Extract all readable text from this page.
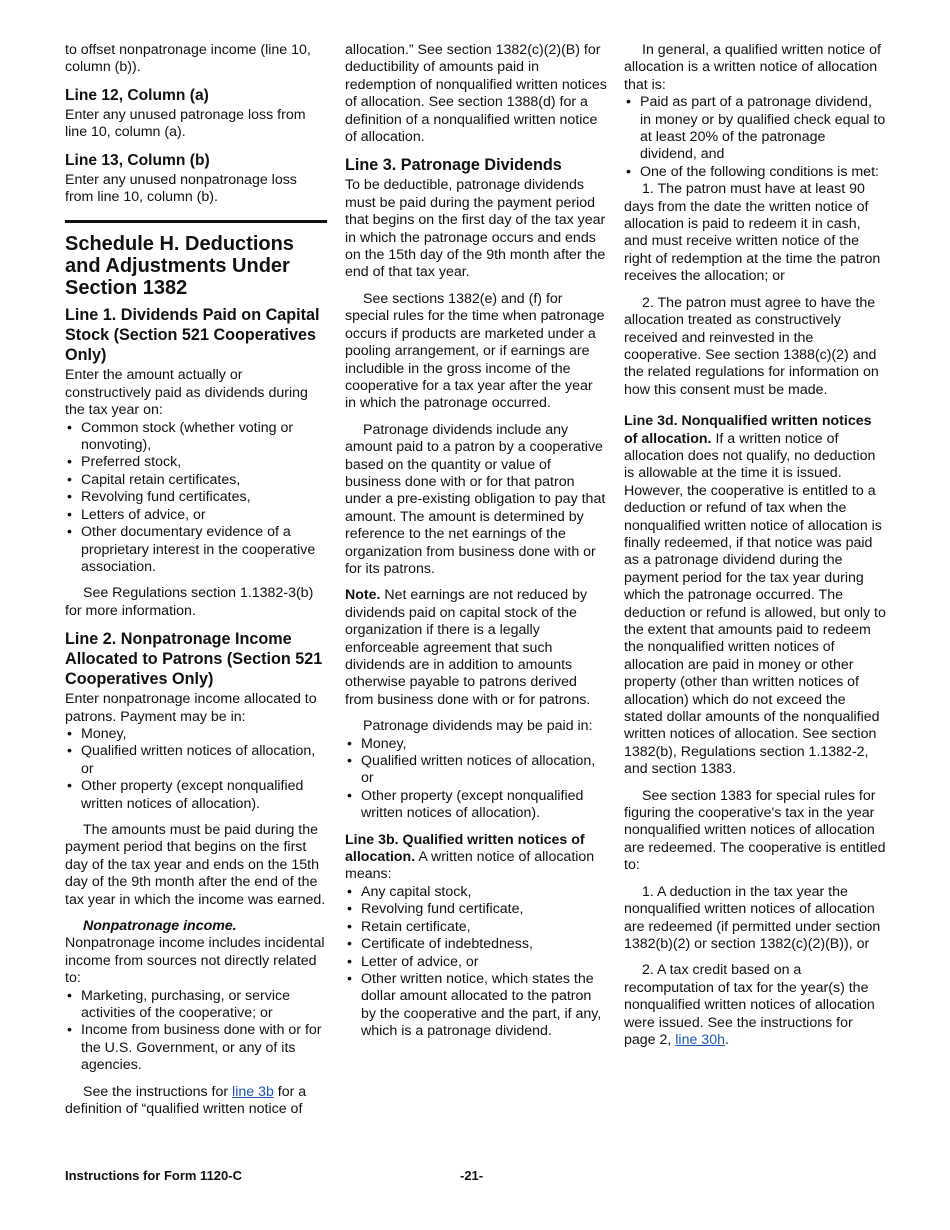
to offset nonpatronage income (line 10, column (b)).

Line 12, Column (a)

Enter any unused patronage loss from line 10, column (a).

Line 13, Column (b)

Enter any unused nonpatronage loss from line 10, column (b).

Schedule H. Deductions and Adjustments Under Section 1382
Line 1. Dividends Paid on Capital Stock (Section 521 Cooperatives Only)
Enter the amount actually or constructively paid as dividends during the tax year on:
• Common stock (whether voting or nonvoting),
• Preferred stock,
• Capital retain certificates,
• Revolving fund certificates,
• Letters of advice, or
• Other documentary evidence of a proprietary interest in the cooperative association.

See Regulations section 1.1382-3(b) for more information.

Line 2. Nonpatronage Income Allocated to Patrons (Section 521 Cooperatives Only)
Enter nonpatronage income allocated to patrons. Payment may be in:
• Money,
• Qualified written notices of allocation, or
• Other property (except nonqualified written notices of allocation).

The amounts must be paid during the payment period that begins on the first day of the tax year and ends on the 15th day of the 9th month after the end of the tax year in which the income was earned.

Nonpatronage income.
Nonpatronage income includes incidental income from sources not directly related to:
• Marketing, purchasing, or service activities of the cooperative; or
• Income from business done with or for the U.S. Government, or any of its agencies.

See the instructions for line 3b for a definition of “qualified written notice of

allocation.” See section 1382(c)(2)(B) for deductibility of amounts paid in redemption of nonqualified written notices of allocation. See section 1388(d) for a definition of a nonqualified written notice of allocation.

Line 3. Patronage Dividends

To be deductible, patronage dividends must be paid during the payment period that begins on the first day of the tax year in which the patronage occurs and ends on the 15th day of the 9th month after the end of that tax year.

See sections 1382(e) and (f) for special rules for the time when patronage occurs if products are marketed under a pooling arrangement, or if earnings are includible in the gross income of the cooperative for a tax year after the year in which the patronage occurred.

Patronage dividends include any amount paid to a patron by a cooperative based on the quantity or value of business done with or for that patron under a pre-existing obligation to pay that amount. The amount is determined by reference to the net earnings of the organization from business done with or for its patrons.

Note. Net earnings are not reduced by dividends paid on capital stock of the organization if there is a legally enforceable agreement that such dividends are in addition to amounts otherwise payable to patrons derived from business done with or for patrons.

Patronage dividends may be paid in:
• Money,
• Qualified written notices of allocation, or
• Other property (except nonqualified written notices of allocation).
Line 3b. Qualified written notices of allocation. A written notice of allocation means:
• Any capital stock,
• Revolving fund certificate,
• Retain certificate,
• Certificate of indebtedness,
• Letter of advice, or
• Other written notice, which states the dollar amount allocated to the patron by the cooperative and the part, if any, which is a patronage dividend.
In general, a qualified written notice of allocation is a written notice of allocation that is:
• Paid as part of a patronage dividend, in money or by qualified check equal to at least 20% of the patronage dividend, and
• One of the following conditions is met:

1. The patron must have at least 90 days from the date the written notice of allocation is paid to redeem it in cash, and must receive written notice of the right of redemption at the time the patron receives the allocation; or

2. The patron must agree to have the allocation treated as constructively received and reinvested in the cooperative. See section 1388(c)(2) and the related regulations for information on how this consent must be made.

Line 3d. Nonqualified written notices of allocation. If a written notice of allocation does not qualify, no deduction is allowable at the time it is issued. However, the cooperative is entitled to a deduction or refund of tax when the nonqualified written notice of allocation is finally redeemed, if that notice was paid as a patronage dividend during the payment period for the tax year during which the patronage occurred. The deduction or refund is allowed, but only to the extent that amounts paid to redeem the nonqualified written notices of allocation are paid in money or other property (other than written notices of allocation) which do not exceed the stated dollar amounts of the nonqualified written notices of allocation. See section 1382(b), Regulations section 1.1382-2, and section 1383.

See section 1383 for special rules for figuring the cooperative's tax in the year nonqualified written notices of allocation are redeemed. The cooperative is entitled to:

1. A deduction in the tax year the nonqualified written notices of allocation are redeemed (if permitted under section 1382(b)(2) or section 1382(c)(2)(B)), or

2. A tax credit based on a recomputation of tax for the year(s) the nonqualified written notices of allocation were issued. See the instructions for page 2, line 30h.

Instructions for Form 1120-C	-21-
